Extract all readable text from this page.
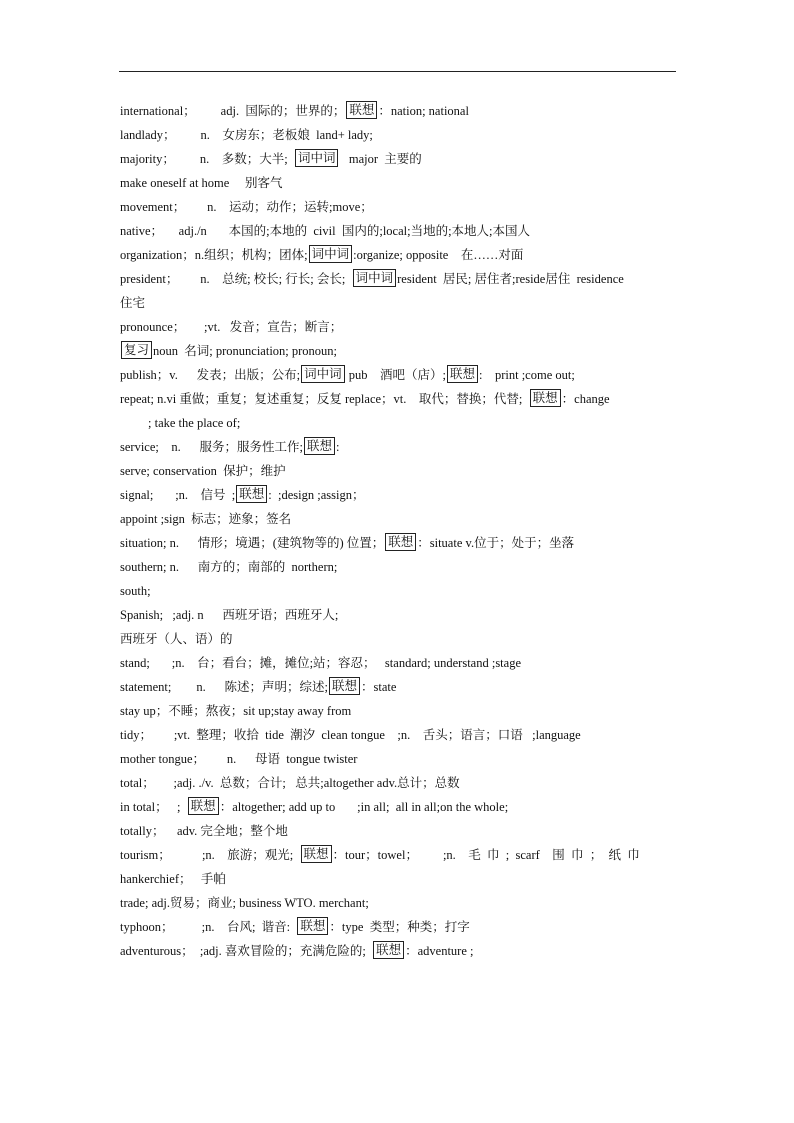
international；        adj.  国际的；世界的； 联想 ：nation; national
landlady；        n.    女房东；老板娘  land+ lady;
majority；        n.    多数；大半;  词中词   major  主要的
make oneself at home     别客气
movement；       n.    运动；动作；运转;move；
native；     adj./n       本国的;本地的  civil  国内的;local;当地的;本地人;本国人
organization；n.组织；机构；团体; 词中词 :organize; opposite    在……对面
president；       n.    总统; 校长; 行长; 会长;  词中词 resident  居民; 居住者;reside居住  residence
住宅
pronounce；      ;vt.   发音；宣告；断言；
复习 noun  名词; pronunciation; pronoun;
publish；v.      发表；出版；公布; 词中词 pub    酒吧（店）; 联想 :    print ;come out;
repeat; n.vi 重做；重复；复述重复；反复 replace；vt.    取代；替换；代替;  联想 ：change
; take the place of;
service;    n.      服务；服务性工作; 联想 :
serve; conservation  保护；维护
signal;       ;n.    信号  ; 联想 :  ;design ;assign；
appoint ;sign  标志；迹象；签名
situation; n.      情形；境遇；(建筑物等的) 位置； 联想 ：situate v.位于；处于；坐落
southern; n.      南方的；南部的  northern;
south;
Spanish;   ;adj. n      西班牙语；西班牙人;
西班牙（人、语）的
stand;       ;n.    台；看台；摊，摊位;站；容忍；   standard; understand ;stage
statement;        n.      陈述；声明；综述; 联想 ：state
stay up；不睡；熬夜；sit up;stay away from
tidy；       ;vt.  整理；收拾  tide  潮汐  clean tongue    ;n.    舌头；语言；口语   ;language
mother tongue；       n.      母语  tongue twister
total；      ;adj. ./v.  总数；合计;   总共;altogether adv.总计；总数
in total；   ;  联想 ：altogether; add up to       ;in all;  all in all;on the whole;
totally；    adv. 完全地；整个地
tourism；          ;n.    旅游；观光;  联想 ：tour；towel；        ;n.    毛  巾  ;  scarf    围  巾  ；  纸  巾
hankerchief；   手帕
trade; adj.贸易；商业; business WTO. merchant;
typhoon；         ;n.    台风;  谐音:  联想 ：type  类型；种类；打字
adventurous；  ;adj. 喜欢冒险的；充满危险的;  联想 ：adventure ;
